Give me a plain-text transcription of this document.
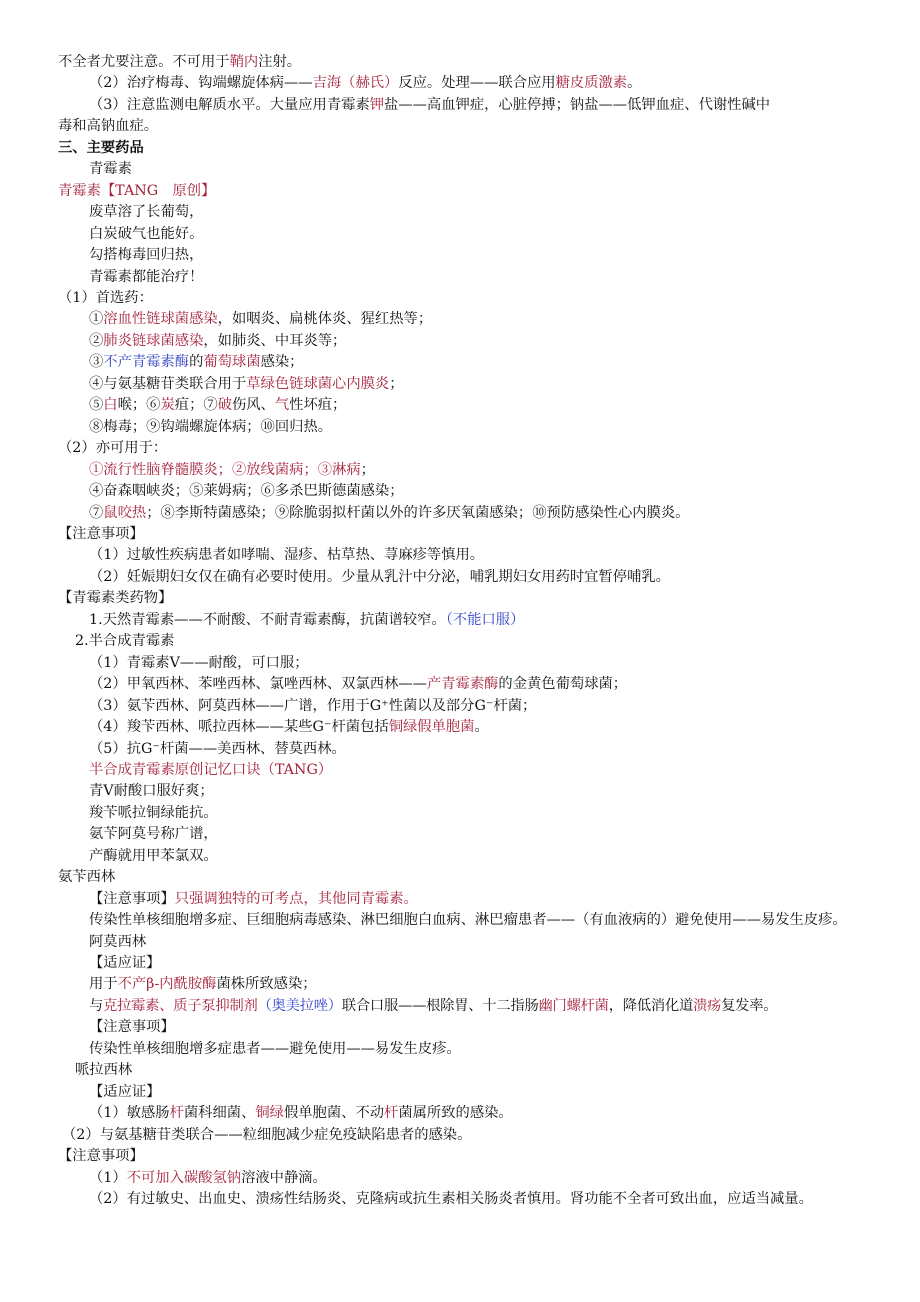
不全者尤要注意。不可用于鞘内注射。
（2）治疗梅毒、钩端螺旋体病——吉海（赫氏）反应。处理——联合应用糖皮质激素。
（3）注意监测电解质水平。大量应用青霉素钾盐——高血钾症，心脏停搏；钠盐——低钾血症、代谢性碱中
毒和高钠血症。
三、主要药品
青霉素
青霉素【TANG　原创】
废草溶了长葡萄，
白炭破气也能好。
勾搭梅毒回归热，
青霉素都能治疗！
（1）首选药：
①溶血性链球菌感染，如咽炎、扁桃体炎、猩红热等；
②肺炎链球菌感染，如肺炎、中耳炎等；
③不产青霉素酶的葡萄球菌感染；
④与氨基糖苷类联合用于草绿色链球菌心内膜炎；
⑤白喉；⑥炭疽；⑦破伤风、气性坏疽；
⑧梅毒；⑨钩端螺旋体病；⑩回归热。
（2）亦可用于：
①流行性脑脊髓膜炎；②放线菌病；③淋病；
④奋森咽峡炎；⑤莱姆病；⑥多杀巴斯德菌感染；
⑦鼠咬热；⑧李斯特菌感染；⑨除脆弱拟杆菌以外的许多厌氧菌感染；⑩预防感染性心内膜炎。
【注意事项】
（1）过敏性疾病患者如哮喘、湿疹、枯草热、荨麻疹等慎用。
（2）妊娠期妇女仅在确有必要时使用。少量从乳汁中分泌，哺乳期妇女用药时宜暂停哺乳。
【青霉素类药物】
1.天然青霉素——不耐酸、不耐青霉素酶，抗菌谱较窄。（不能口服）
2.半合成青霉素
（1）青霉素Ⅴ——耐酸，可口服；
（2）甲氧西林、苯唑西林、氯唑西林、双氯西林——产青霉素酶的金黄色葡萄球菌；
（3）氨苄西林、阿莫西林——广谱，作用于G⁺性菌以及部分G⁻杆菌；
（4）羧苄西林、哌拉西林——某些G⁻杆菌包括铜绿假单胞菌。
（5）抗G⁻杆菌——美西林、替莫西林。
半合成青霉素原创记忆口诀（TANG）
青Ⅴ耐酸口服好爽；
羧苄哌拉铜绿能抗。
氨苄阿莫号称广谱，
产酶就用甲苯氯双。
氨苄西林
【注意事项】只强调独特的可考点，其他同青霉素。
传染性单核细胞增多症、巨细胞病毒感染、淋巴细胞白血病、淋巴瘤患者——（有血液病的）避免使用——易发生皮疹。
阿莫西林
【适应证】
用于不产β-内酰胺酶菌株所致感染；
与克拉霉素、质子泵抑制剂（奥美拉唑）联合口服——根除胃、十二指肠幽门螺杆菌，降低消化道溃疡复发率。
【注意事项】
传染性单核细胞增多症患者——避免使用——易发生皮疹。
哌拉西林
【适应证】
（1）敏感肠杆菌科细菌、铜绿假单胞菌、不动杆菌属所致的感染。
（2）与氨基糖苷类联合——粒细胞减少症免疫缺陷患者的感染。
【注意事项】
（1）不可加入碳酸氢钠溶液中静滴。
（2）有过敏史、出血史、溃疡性结肠炎、克隆病或抗生素相关肠炎者慎用。肾功能不全者可致出血，应适当减量。
